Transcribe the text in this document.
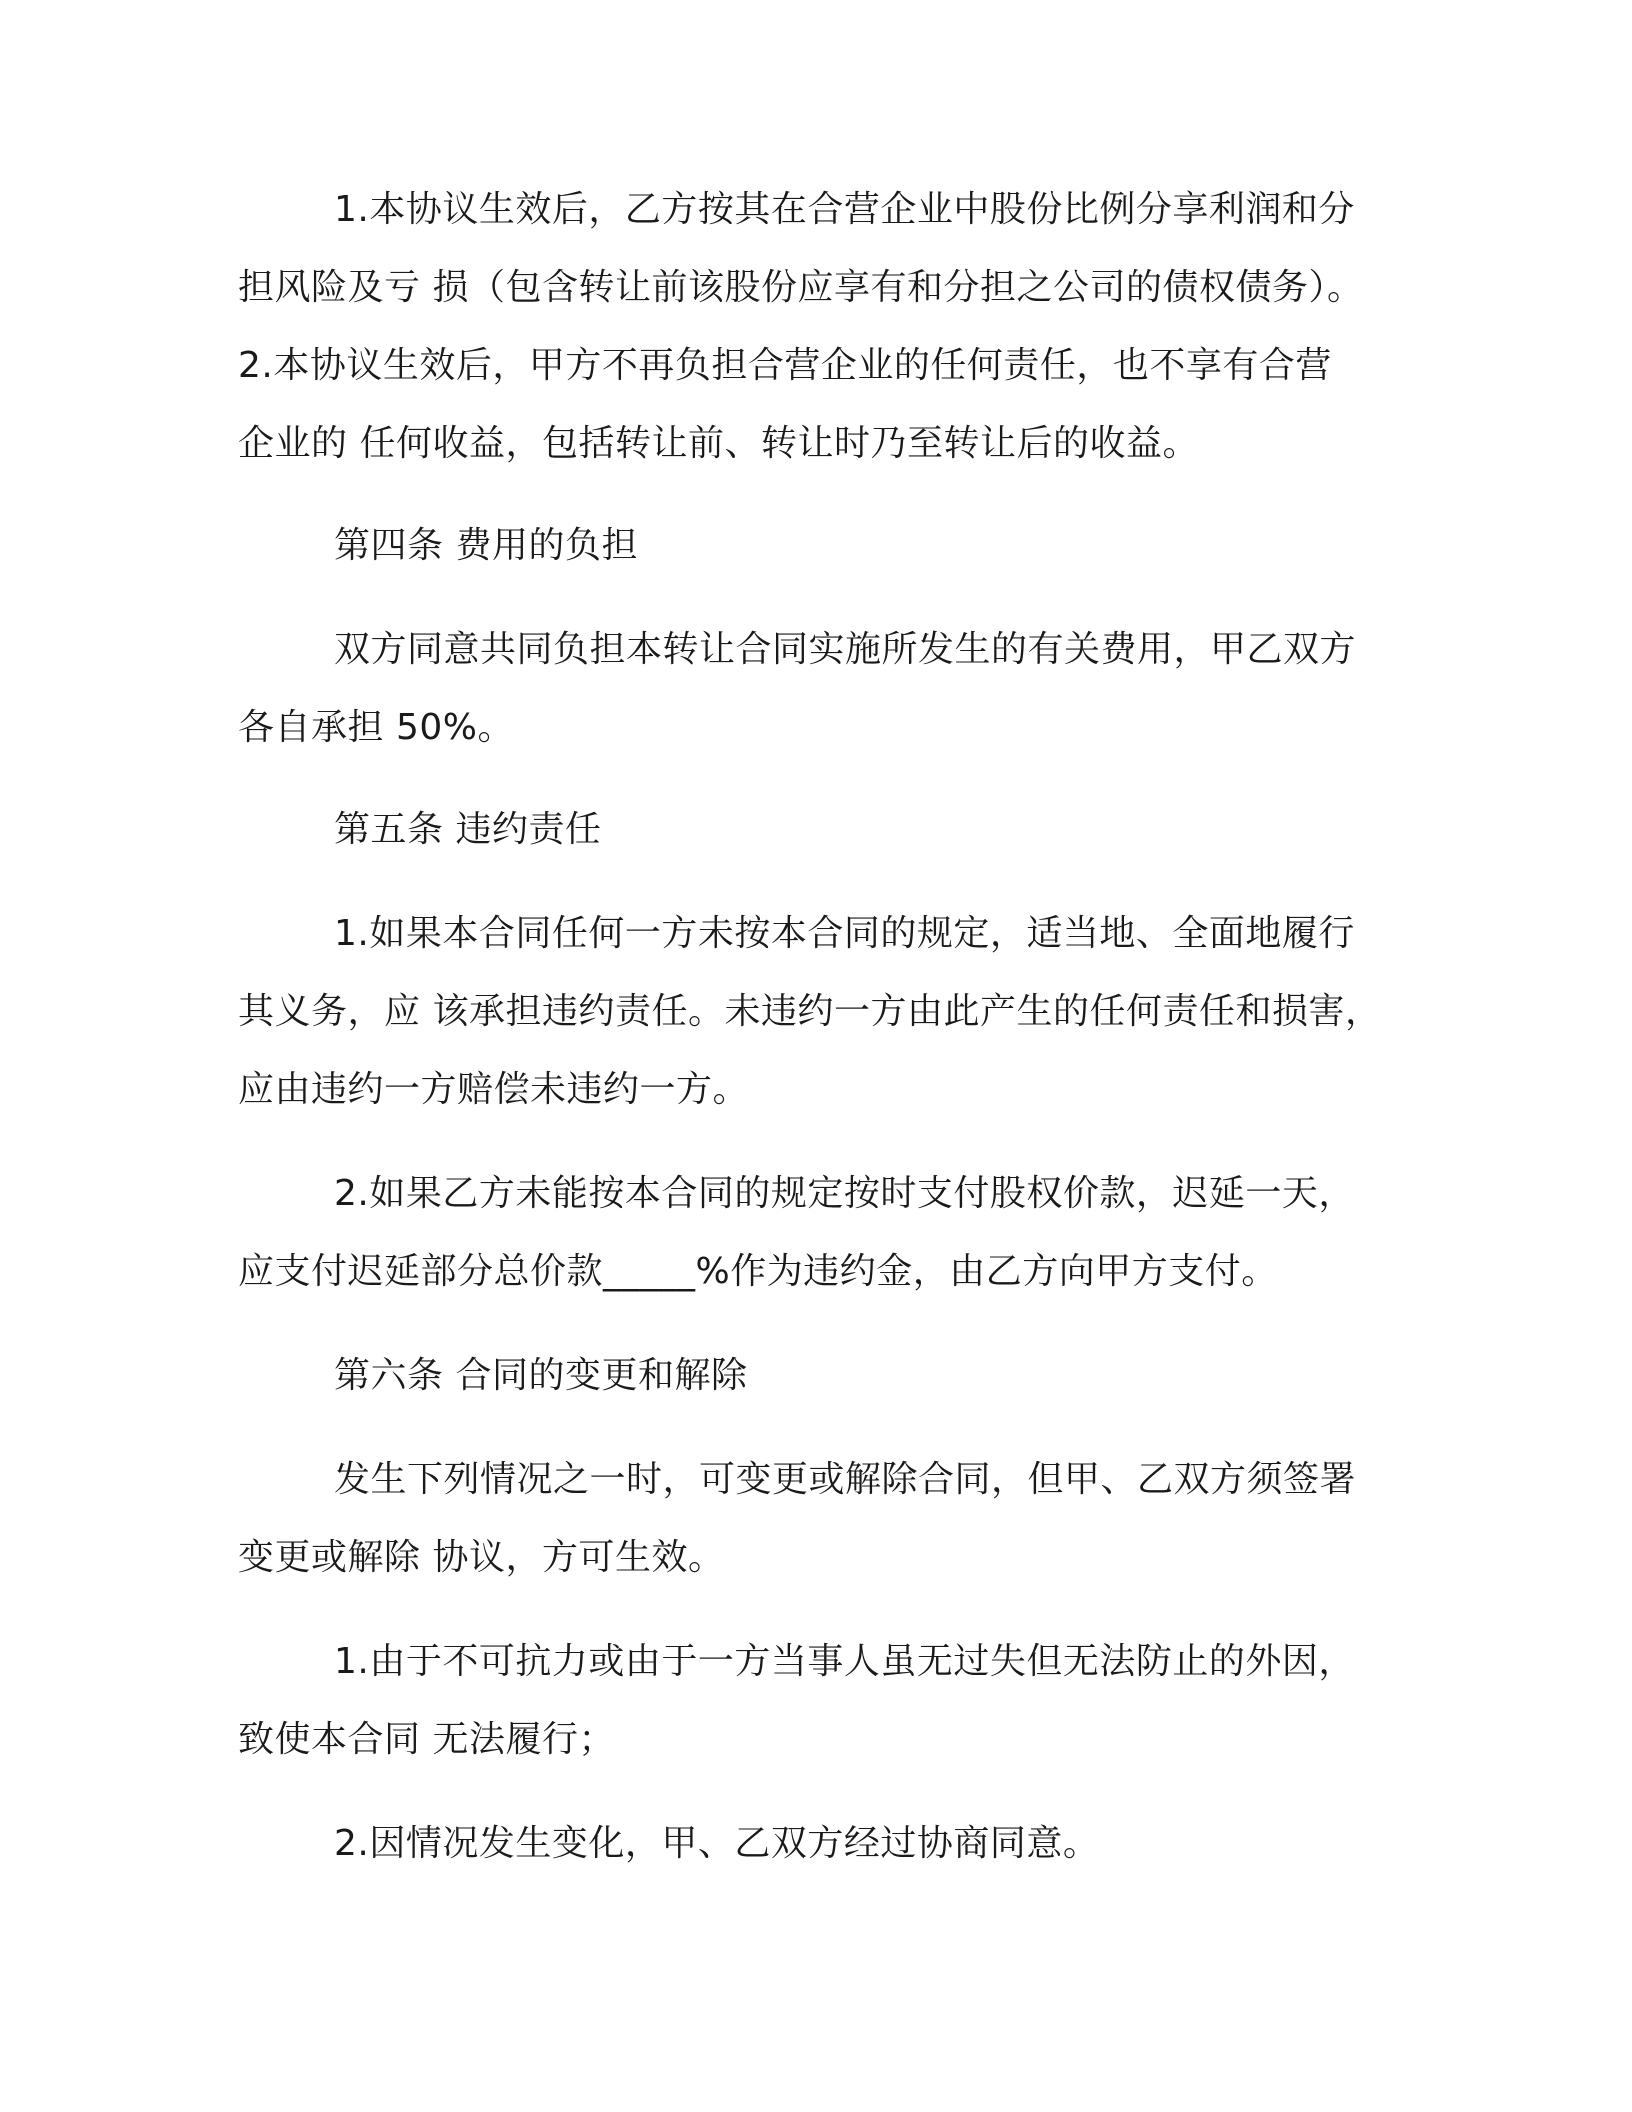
1.本协议生效后，乙方按其在合营企业中股份比例分享利润和分
担风险及亏 损（包含转让前该股份应享有和分担之公司的债权债务）。
2.本协议生效后，甲方不再负担合营企业的任何责任，也不享有合营
企业的 任何收益，包括转让前、转让时乃至转让后的收益。
第四条 费用的负担
双方同意共同负担本转让合同实施所发生的有关费用，甲乙双方
各自承担 50%。
第五条 违约责任
1.如果本合同任何一方未按本合同的规定，适当地、全面地履行
其义务，应 该承担违约责任。未违约一方由此产生的任何责任和损害，
应由违约一方赔偿未违约一方。
2.如果乙方未能按本合同的规定按时支付股权价款，迟延一天，
应支付迟延部分总价款_____%作为违约金，由乙方向甲方支付。
第六条 合同的变更和解除
发生下列情况之一时，可变更或解除合同，但甲、乙双方须签署
变更或解除 协议，方可生效。
1.由于不可抗力或由于一方当事人虽无过失但无法防止的外因，
致使本合同 无法履行；
2.因情况发生变化，甲、乙双方经过协商同意。
